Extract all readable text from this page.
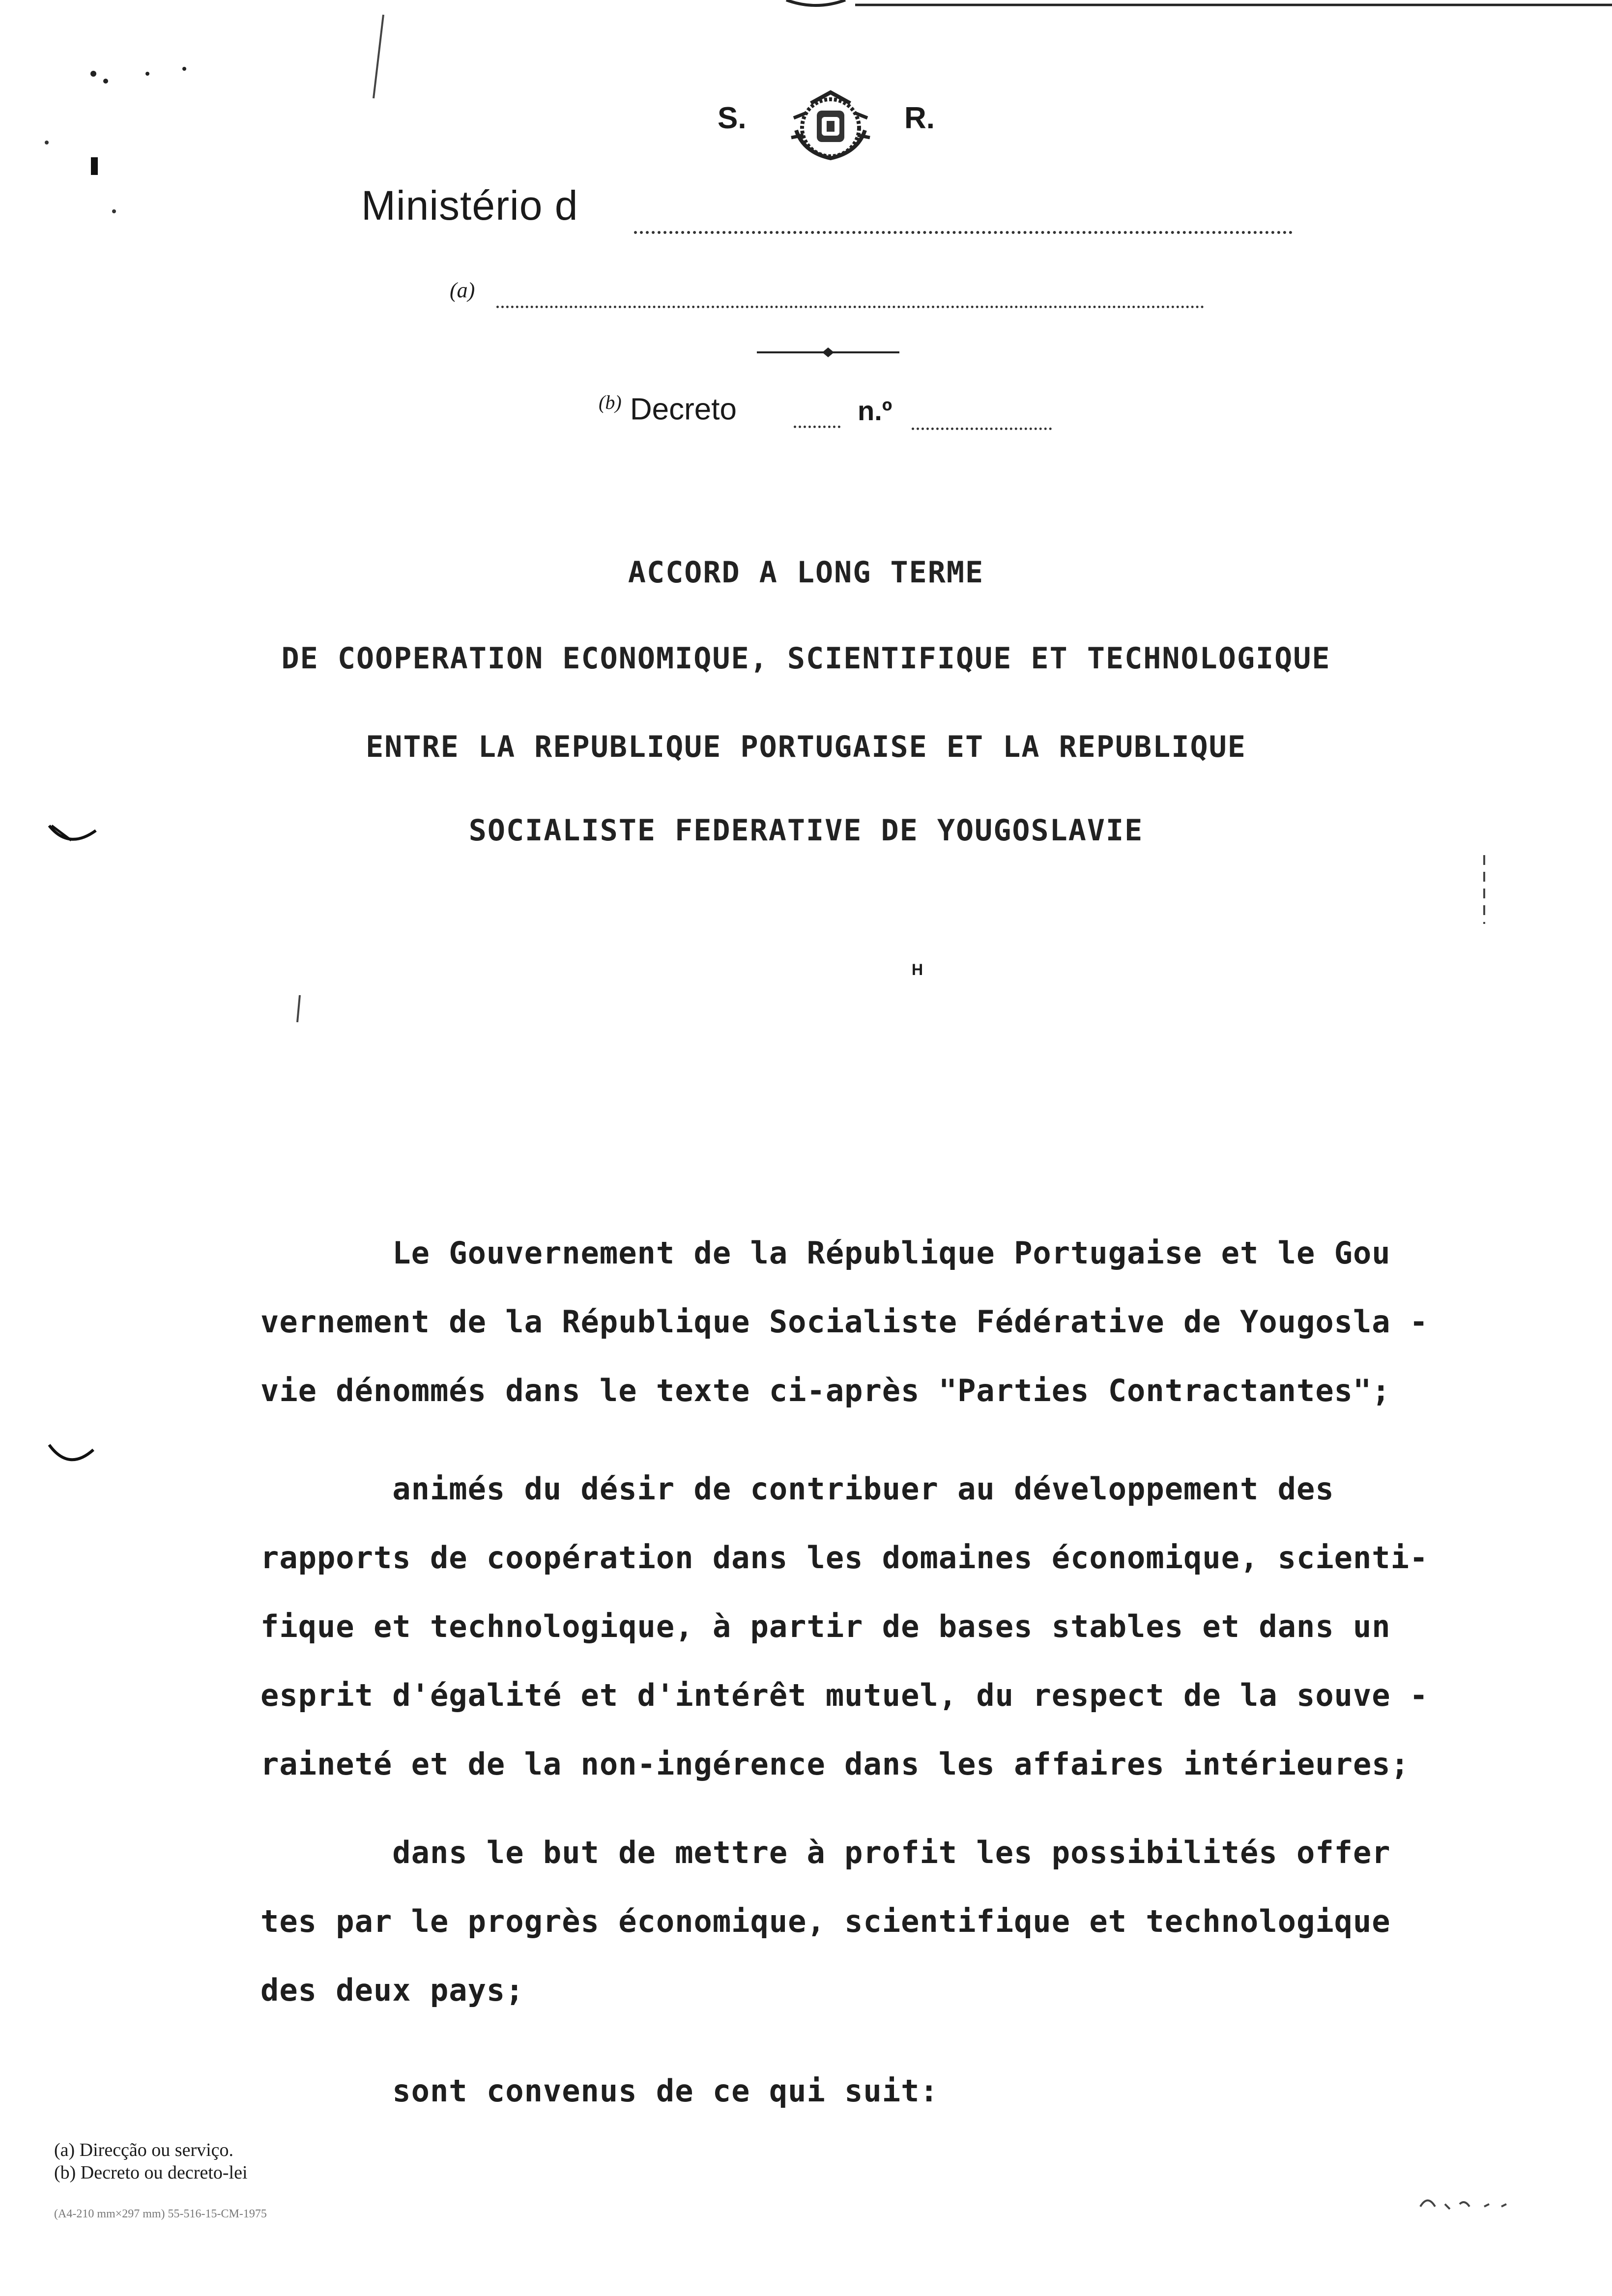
S.	R.
Ministério d
(a)
$^{(b)}$ Decreto	n.º
ACCORD A LONG TERME
DE COOPERATION ECONOMIQUE, SCIENTIFIQUE ET TECHNOLOGIQUE
ENTRE LA REPUBLIQUE PORTUGAISE ET LA REPUBLIQUE
SOCIALISTE FEDERATIVE DE YOUGOSLAVIE
H
Le Gouvernement de la République Portugaise et le Gou
vernement de la République Socialiste Fédérative de Yougosla -
vie dénommés dans le texte ci-après "Parties Contractantes";
animés du désir de contribuer au développement des
rapports de coopération dans les domaines économique, scienti-
fique et technologique, à partir de bases stables et dans un
esprit d'égalité et d'intérêt mutuel, du respect de la souve -
raineté et de la non-ingérence dans les affaires intérieures;
dans le but de mettre à profit les possibilités offer
tes par le progrès économique, scientifique et technologique
des deux pays;
sont convenus de ce qui suit:
(a) Direcção ou serviço.
(b) Decreto ou decreto-lei
(A4-210 mm×297 mm) 55-516-15-CM-1975
